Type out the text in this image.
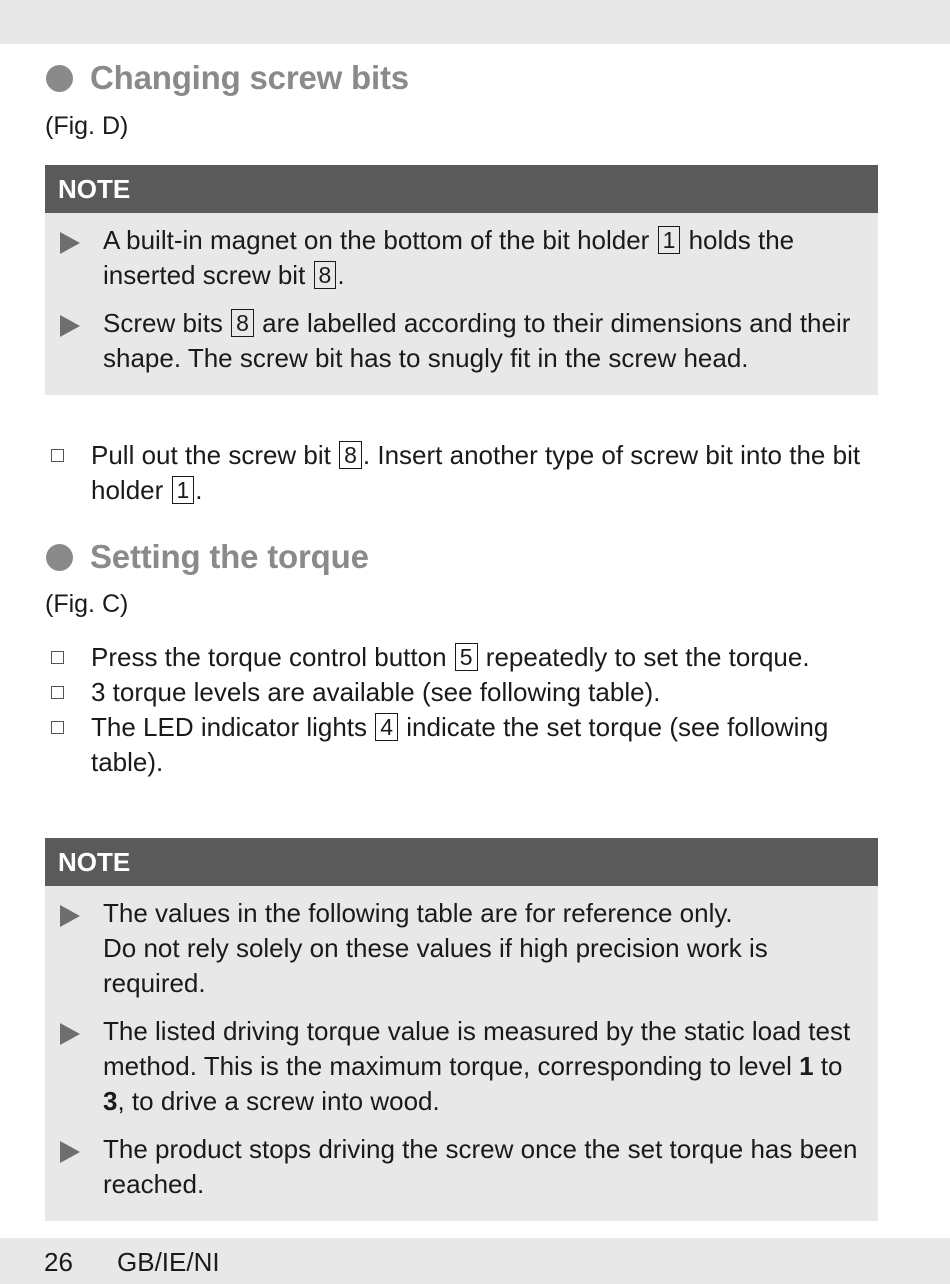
Changing screw bits
(Fig. D)
NOTE
A built-in magnet on the bottom of the bit holder 1 holds the inserted screw bit 8 .
Screw bits 8 are labelled according to their dimensions and their shape. The screw bit has to snugly fit in the screw head.
Pull out the screw bit 8 . Insert another type of screw bit into the bit holder 1 .
Setting the torque
(Fig. C)
Press the torque control button 5 repeatedly to set the torque.
3 torque levels are available (see following table).
The LED indicator lights 4 indicate the set torque (see following table).
NOTE
The values in the following table are for reference only.
Do not rely solely on these values if high precision work is required.
The listed driving torque value is measured by the static load test method. This is the maximum torque, corresponding to level 1 to 3, to drive a screw into wood.
The product stops driving the screw once the set torque has been reached.
26 GB/IE/NI
